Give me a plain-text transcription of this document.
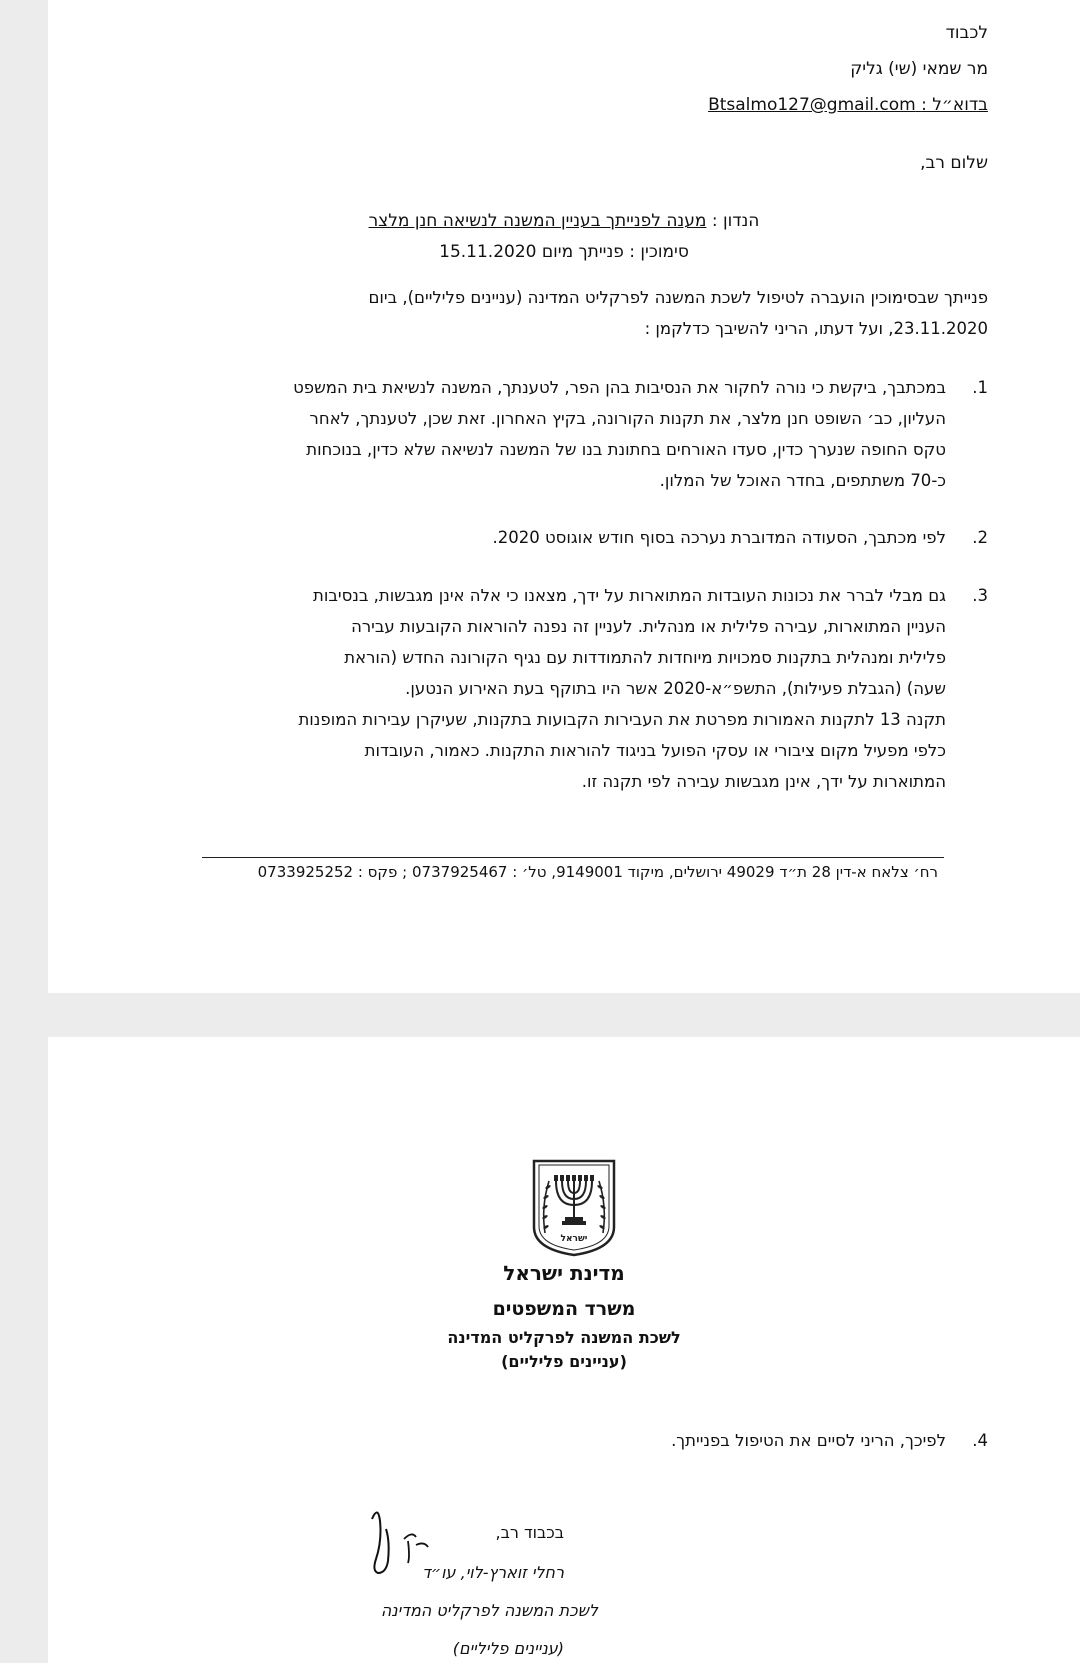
לכבוד
מר שמאי (שי) גליק
בדוא״ל : Btsalmo127@gmail.com
שלום רב,
הנדון : מענה לפנייתך בעניין המשנה לנשיאה חנן מלצר
סימוכין : פנייתך מיום 15.11.2020
פנייתך שבסימוכין הועברה לטיפול לשכת המשנה לפרקליט המדינה (עניינים פליליים), ביום
23.11.2020, ועל דעתו, הריני להשיבך כדלקמן :
1.
במכתבך, ביקשת כי נורה לחקור את הנסיבות בהן הפר, לטענתך, המשנה לנשיאת בית המשפט
העליון, כב׳ השופט חנן מלצר, את תקנות הקורונה, בקיץ האחרון. זאת שכן, לטענתך, לאחר
טקס החופה שנערך כדין, סעדו האורחים בחתונת בנו של המשנה לנשיאה שלא כדין, בנוכחות
כ-70 משתתפים, בחדר האוכל של המלון.
2.
לפי מכתבך, הסעודה המדוברת נערכה בסוף חודש אוגוסט 2020.
3.
גם מבלי לברר את נכונות העובדות המתוארות על ידך, מצאנו כי אלה אינן מגבשות, בנסיבות
העניין המתוארות, עבירה פלילית או מנהלית. לעניין זה נפנה להוראות הקובעות עבירה
פלילית ומנהלית בתקנות סמכויות מיוחדות להתמודדות עם נגיף הקורונה החדש (הוראת
שעה) (הגבלת פעילות), התשפ״א-2020 אשר היו בתוקף בעת האירוע הנטען.
תקנה 13 לתקנות האמורות מפרטת את העבירות הקבועות בתקנות, שעיקרן עבירות המופנות
כלפי מפעיל מקום ציבורי או עסקי הפועל בניגוד להוראות התקנות. כאמור, העובדות
המתוארות על ידך, אינן מגבשות עבירה לפי תקנה זו.
רח׳ צלאח א-דין 28 ת״ד 49029 ירושלים, מיקוד 9149001, טל׳ : 0737925467 ; פקס : 0733925252
ישראל
מדינת ישראל
משרד המשפטים
לשכת המשנה לפרקליט המדינה
(עניינים פליליים)
4.
לפיכך, הריני לסיים את הטיפול בפנייתך.
בכבוד רב,
רחלי זוארץ-לוי, עו״ד
לשכת המשנה לפרקליט המדינה
(עניינים פליליים)
